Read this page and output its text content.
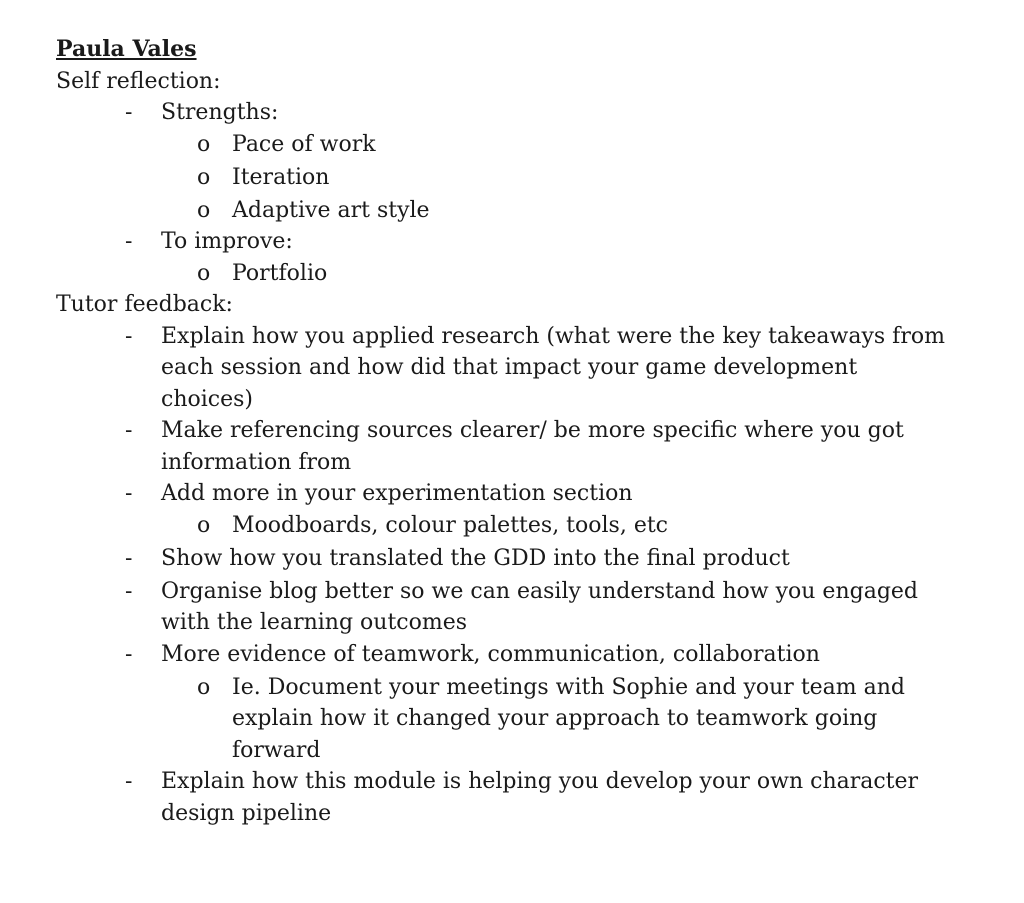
Paula Vales
Self reflection:
- Strengths:
o Pace of work
o Iteration
o Adaptive art style
- To improve:
o Portfolio
Tutor feedback:
- Explain how you applied research (what were the key takeaways from each session and how did that impact your game development choices)
- Make referencing sources clearer/ be more specific where you got information from
- Add more in your experimentation section
o Moodboards, colour palettes, tools, etc
- Show how you translated the GDD into the final product
- Organise blog better so we can easily understand how you engaged with the learning outcomes
- More evidence of teamwork, communication, collaboration
o Ie. Document your meetings with Sophie and your team and explain how it changed your approach to teamwork going forward
- Explain how this module is helping you develop your own character design pipeline
